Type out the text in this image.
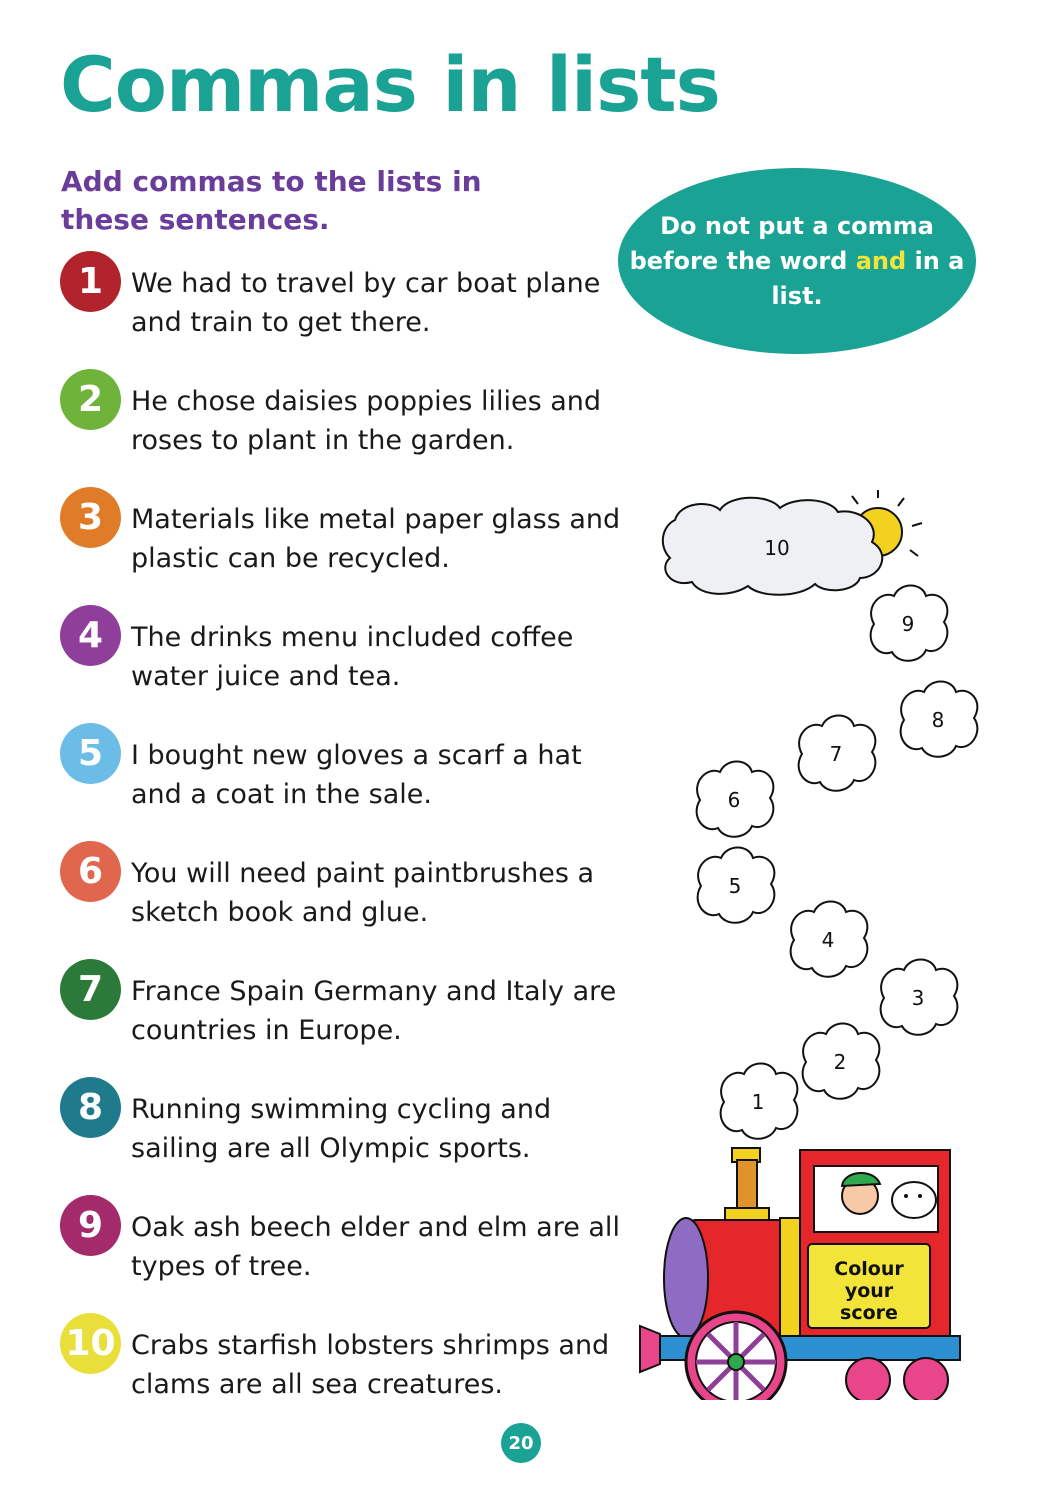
Commas in lists
Add commas to the lists in these sentences.	Do not put a comma before the word and in a list.
1	We had to travel by car boat plane and train to get there.
2	He chose daisies poppies lilies and roses to plant in the garden.
3	Materials like metal paper glass and plastic can be recycled.
4	The drinks menu included coffee water juice and tea.
5	I bought new gloves a scarf a hat and a coat in the sale.
6	You will need paint paintbrushes a sketch book and glue.
7	France Spain Germany and Italy are countries in Europe.
8	Running swimming cycling and sailing are all Olympic sports.
9	Oak ash beech elder and elm are all types of tree.
10 Crabs starfish lobsters shrimps and clams are all sea creatures.
10
1
2
3
4
5
6
7
8
9
Colour
your
score
20
